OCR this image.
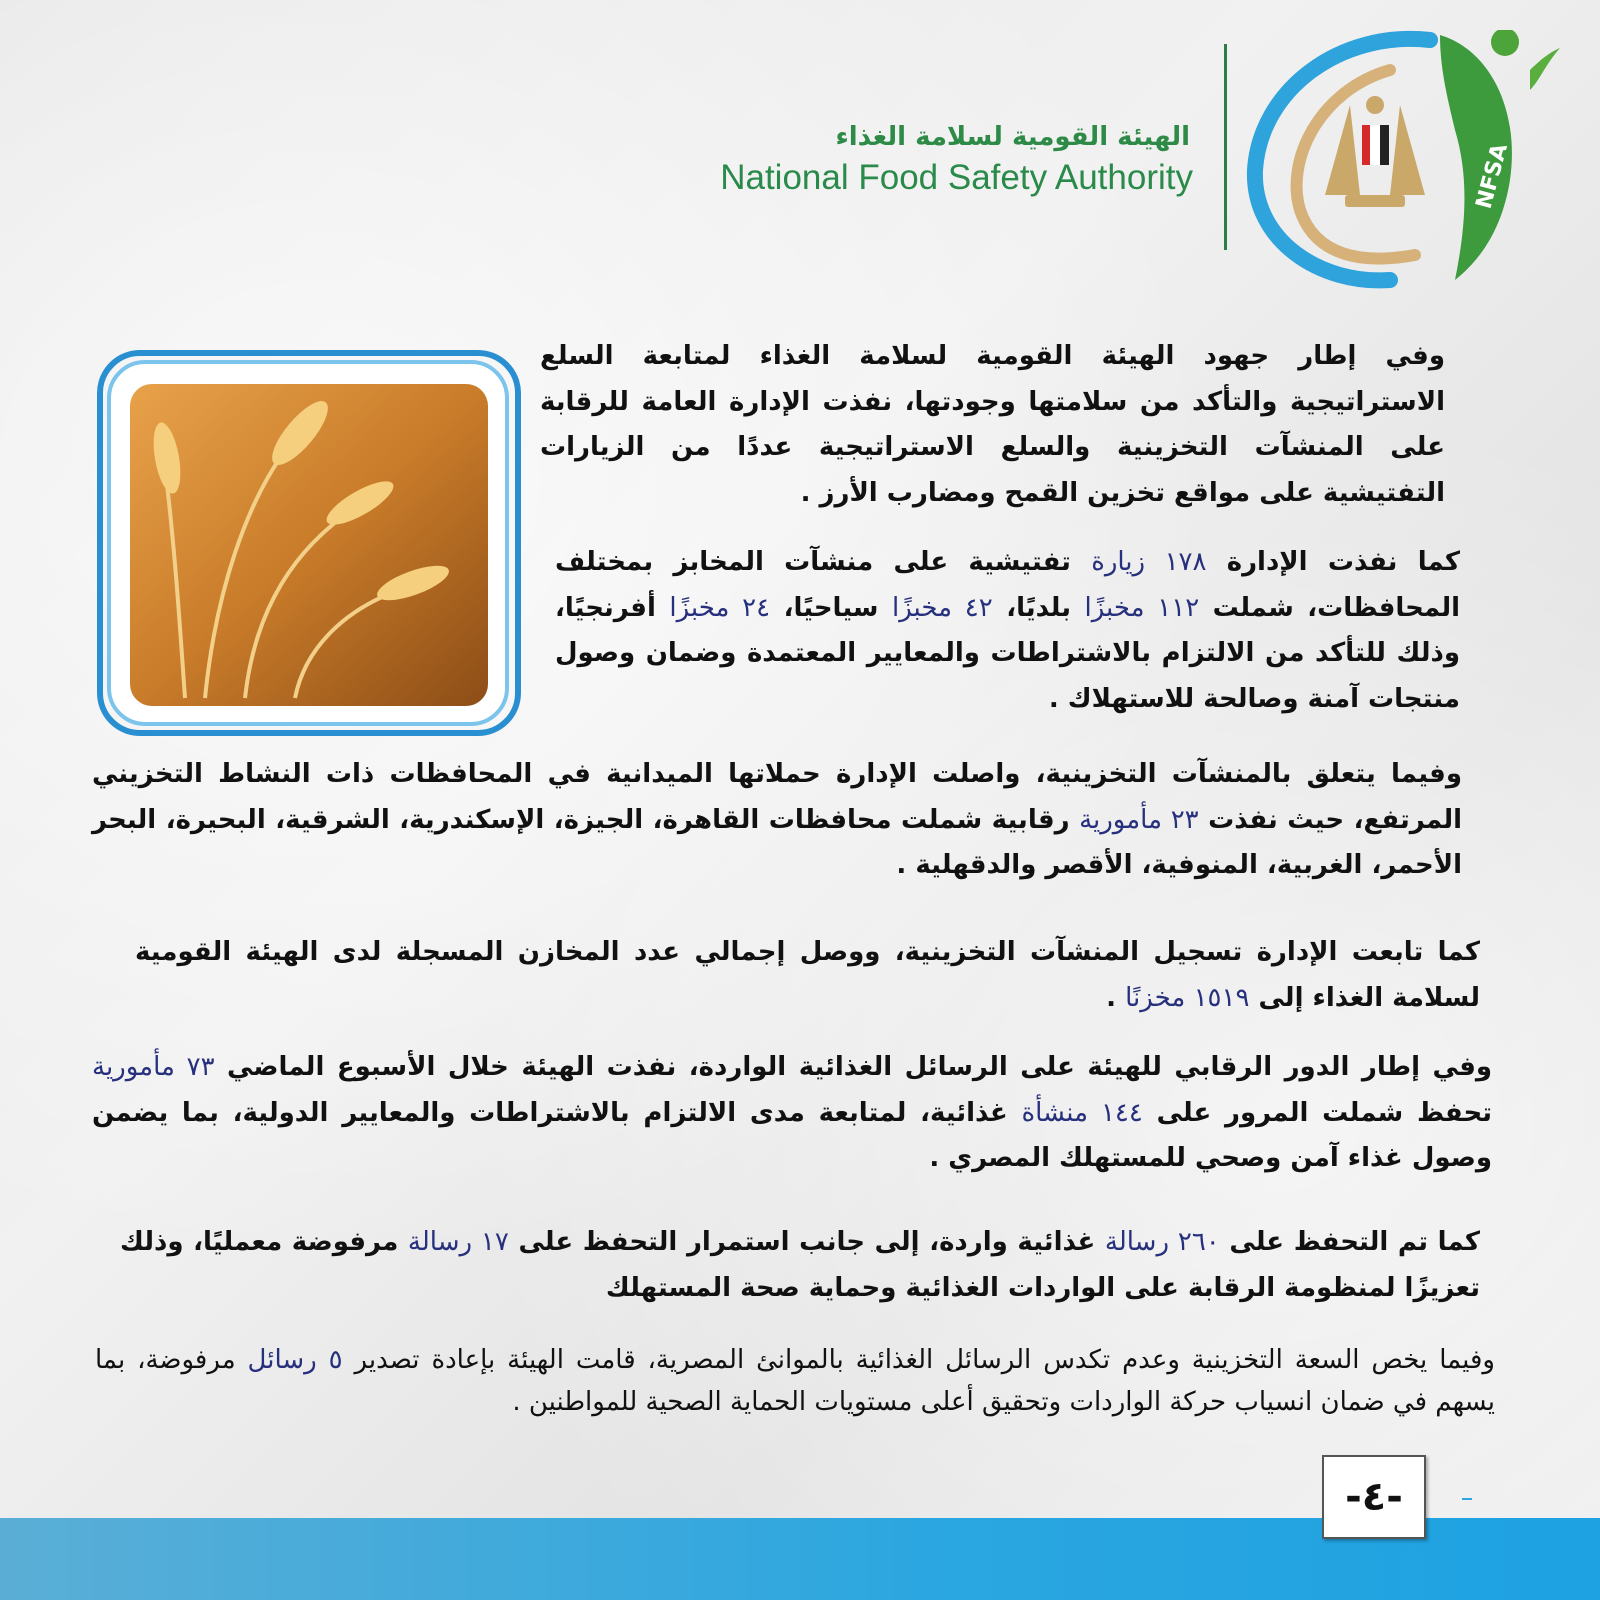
الهيئة القومية لسلامة الغذاء
National Food Safety Authority	NFSA
وفي إطار جهود الهيئة القومية لسلامة الغذاء لمتابعة السلع الاستراتيجية والتأكد من سلامتها وجودتها، نفذت الإدارة العامة للرقابة على المنشآت التخزينية والسلع الاستراتيجية عددًا من الزيارات التفتيشية على مواقع تخزين القمح ومضارب الأرز .
كما نفذت الإدارة ١٧٨ زيارة تفتيشية على منشآت المخابز بمختلف المحافظات، شملت ١١٢ مخبزًا بلديًا، ٤٢ مخبزًا سياحيًا، ٢٤ مخبزًا أفرنجيًا، وذلك للتأكد من الالتزام بالاشتراطات والمعايير المعتمدة وضمان وصول منتجات آمنة وصالحة للاستهلاك .
وفيما يتعلق بالمنشآت التخزينية، واصلت الإدارة حملاتها الميدانية في المحافظات ذات النشاط التخزيني المرتفع، حيث نفذت ٢٣ مأمورية رقابية شملت محافظات القاهرة، الجيزة، الإسكندرية، الشرقية، البحيرة، البحر الأحمر، الغربية، المنوفية، الأقصر والدقهلية .
كما تابعت الإدارة تسجيل المنشآت التخزينية، ووصل إجمالي عدد المخازن المسجلة لدى الهيئة القومية لسلامة الغذاء إلى ١٥١٩ مخزنًا .
وفي إطار الدور الرقابي للهيئة على الرسائل الغذائية الواردة، نفذت الهيئة خلال الأسبوع الماضي ٧٣ مأمورية تحفظ شملت المرور على ١٤٤ منشأة غذائية، لمتابعة مدى الالتزام بالاشتراطات والمعايير الدولية، بما يضمن وصول غذاء آمن وصحي للمستهلك المصري .
كما تم التحفظ على ٢٦٠ رسالة غذائية واردة، إلى جانب استمرار التحفظ على ١٧ رسالة مرفوضة معمليًا، وذلك تعزيزًا لمنظومة الرقابة على الواردات الغذائية وحماية صحة المستهلك
وفيما يخص السعة التخزينية وعدم تكدس الرسائل الغذائية بالموانئ المصرية، قامت الهيئة بإعادة تصدير ٥ رسائل مرفوضة، بما يسهم في ضمان انسياب حركة الواردات وتحقيق أعلى مستويات الحماية الصحية للمواطنين .
-٤-
